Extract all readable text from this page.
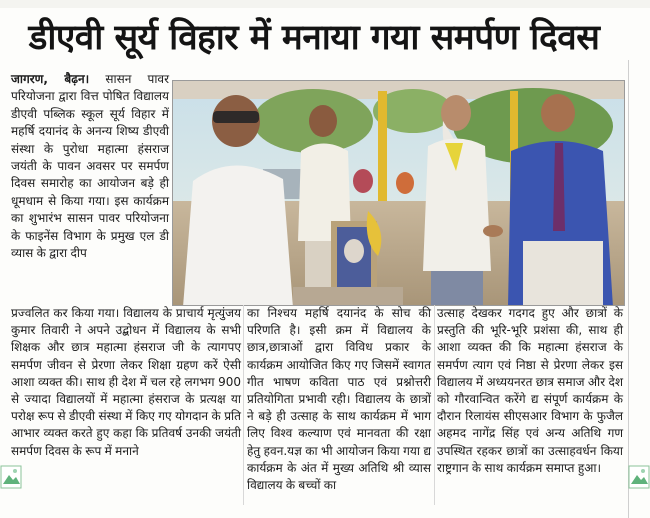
डीएवी सूर्य विहार में मनाया गया समर्पण दिवस
जागरण, बैढ़न। सासन पावर परियोजना द्वारा वित्त पोषित विद्यालय डीएवी पब्लिक स्कूल सूर्य विहार में महर्षि दयानंद के अनन्य शिष्य डीएवी संस्था के पुरोधा महात्मा हंसराज जयंती के पावन अवसर पर समर्पण दिवस समारोह का आयोजन बड़े ही धूमधाम से किया गया। इस कार्यक्रम का शुभारंभ सासन पावर परियोजना के फाइनेंस विभाग के प्रमुख एल डी व्यास के द्वारा दीप
प्रज्वलित कर किया गया। विद्यालय के प्राचार्य मृत्युंजय कुमार तिवारी ने अपने उद्बोधन में विद्यालय के सभी शिक्षक और छात्र महात्मा हंसराज जी के त्यागपए समर्पण जीवन से प्रेरणा लेकर शिक्षा ग्रहण करें ऐसी आशा व्यक्त की। साथ ही देश में चल रहे लगभग 900 से ज्यादा विद्यालयों में महात्मा हंसराज के प्रत्यक्ष या परोक्ष रूप से डीएवी संस्था में किए गए योगदान के प्रति आभार व्यक्त करते हुए कहा कि प्रतिवर्ष उनकी जयंती समर्पण दिवस के रूप में मनाने
का निश्चय महर्षि दयानंद के सोच की परिणति है। इसी क्रम में विद्यालय के छात्र,छात्राओं द्वारा विविध प्रकार के कार्यक्रम आयोजित किए गए जिसमें स्वागत गीत भाषण कविता पाठ एवं प्रश्नोत्तरी प्रतियोगिता प्रभावी रही। विद्यालय के छात्रों ने बड़े ही उत्साह के साथ कार्यक्रम में भाग लिए विश्व कल्याण एवं मानवता की रक्षा हेतु हवन.यज्ञ का भी आयोजन किया गया द्य कार्यक्रम के अंत में मुख्य अतिथि श्री व्यास विद्यालय के बच्चों का
उत्साह देखकर गदगद हुए और छात्रों के प्रस्तुति की भूरि-भूरि प्रशंसा की, साथ ही आशा व्यक्त की कि महात्मा हंसराज के समर्पण त्याग एवं निष्ठा से प्रेरणा लेकर इस विद्यालय में अध्ययनरत छात्र समाज और देश को गौरवान्वित करेंगे द्य संपूर्ण कार्यक्रम के दौरान रिलायंस सीएसआर विभाग के फुजैल अहमद नागेंद्र सिंह एवं अन्य अतिथि गण उपस्थित रहकर छात्रों का उत्साहवर्धन किया राष्ट्रगान के साथ कार्यक्रम समाप्त हुआ।
